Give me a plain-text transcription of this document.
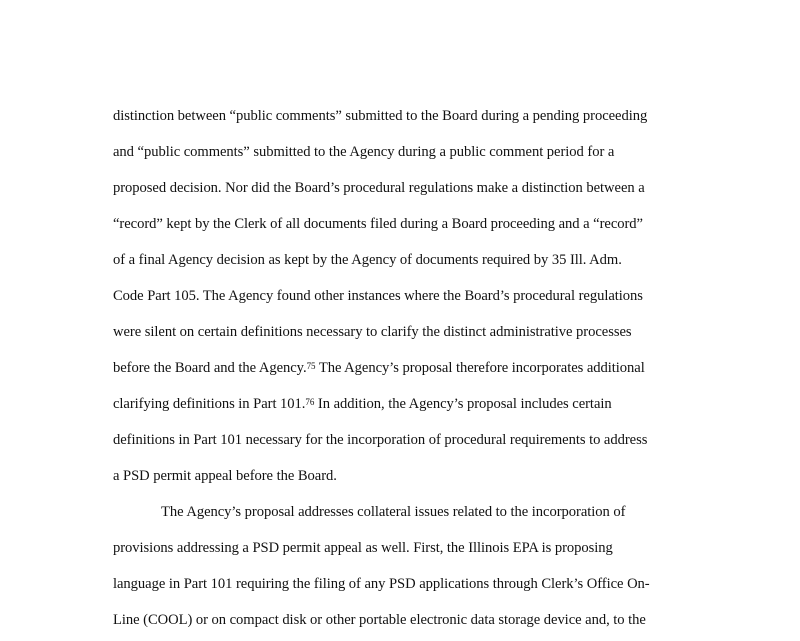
distinction between “public comments” submitted to the Board during a pending proceeding
and “public comments” submitted to the Agency during a public comment period for a
proposed decision. Nor did the Board’s procedural regulations make a distinction between a
“record” kept by the Clerk of all documents filed during a Board proceeding and a “record”
of a final Agency decision as kept by the Agency of documents required by 35 Ill. Adm.
Code Part 105. The Agency found other instances where the Board’s procedural regulations
were silent on certain definitions necessary to clarify the distinct administrative processes
before the Board and the Agency.$^{75}$ The Agency’s proposal therefore incorporates additional
clarifying definitions in Part 101.76 In addition, the Agency’s proposal includes certain
definitions in Part 101 necessary for the incorporation of procedural requirements to address
a PSD permit appeal before the Board.
The Agency’s proposal addresses collateral issues related to the incorporation of
provisions addressing a PSD permit appeal as well. First, the Illinois EPA is proposing
language in Part 101 requiring the filing of any PSD applications through Clerk’s Office On-
Line (COOL) or on compact disk or other portable electronic data storage device and, to the
